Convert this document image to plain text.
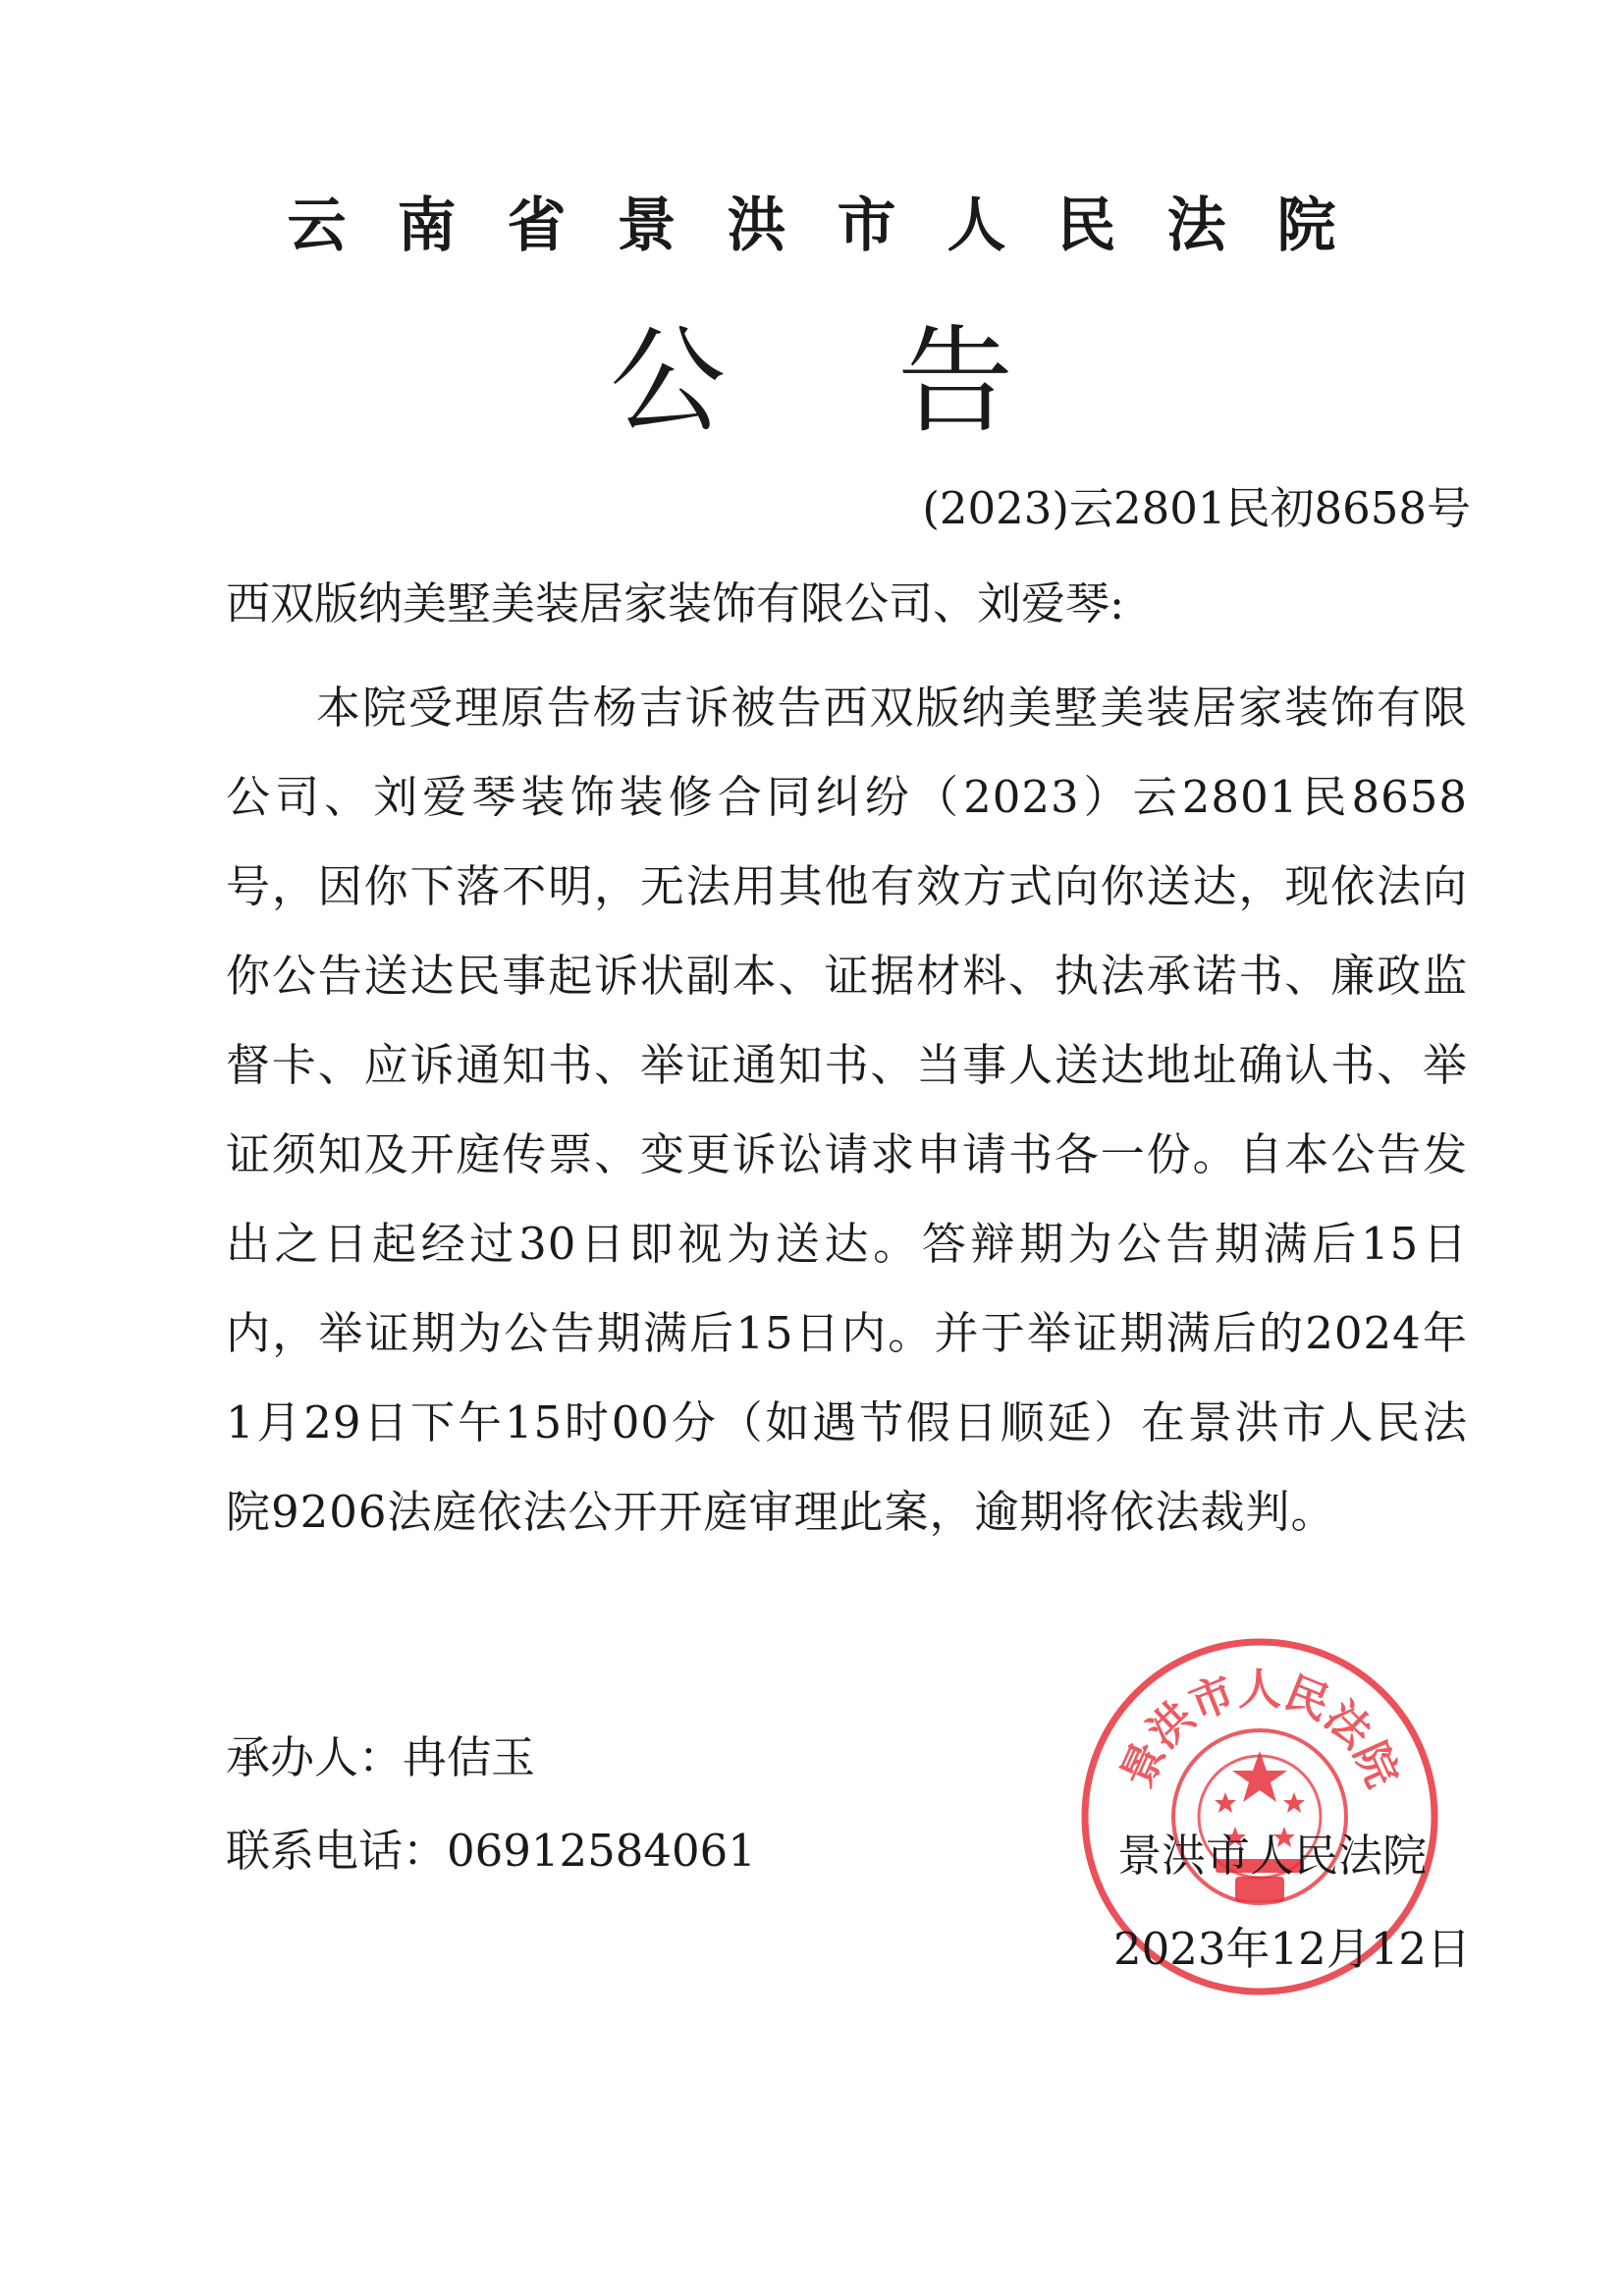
云南省景洪市人民法院
公告
(2023)云2801民初8658号
西双版纳美墅美装居家装饰有限公司、刘爱琴:
本院受理原告杨吉诉被告西双版纳美墅美装居家装饰有限公司、刘爱琴装饰装修合同纠纷（2023）云2801民8658号，因你下落不明，无法用其他有效方式向你送达，现依法向你公告送达民事起诉状副本、证据材料、执法承诺书、廉政监督卡、应诉通知书、举证通知书、当事人送达地址确认书、举证须知及开庭传票、变更诉讼请求申请书各一份。自本公告发出之日起经过30日即视为送达。答辩期为公告期满后15日内，举证期为公告期满后15日内。并于举证期满后的2024年1月29日下午15时00分（如遇节假日顺延）在景洪市人民法院9206法庭依法公开开庭审理此案，逾期将依法裁判。
承办人：冉佶玉
联系电话：06912584061
景洪市人民法院
景洪市人民法院
2023年12月12日
